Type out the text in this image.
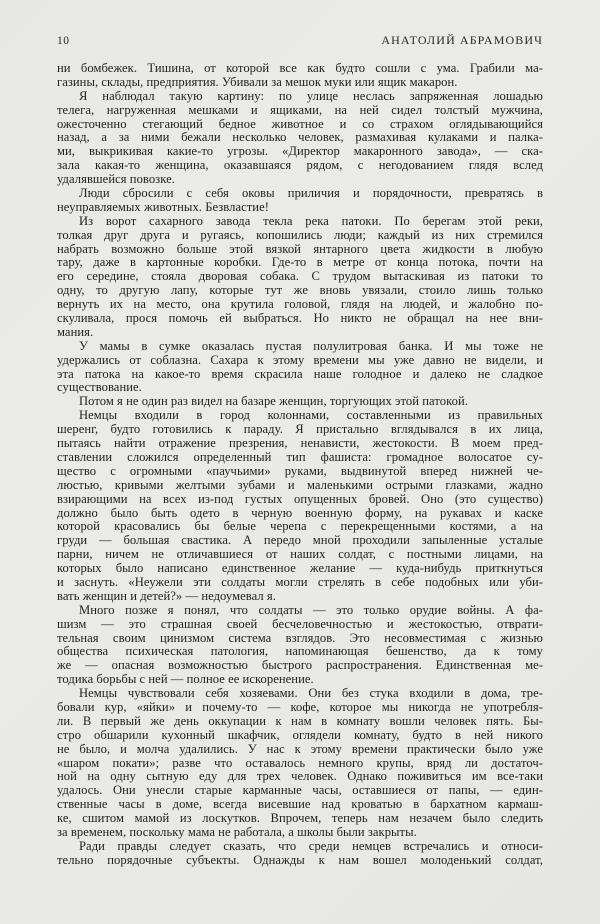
10	АНАТОЛИЙ АБРАМОВИЧ
ни бомбежек. Тишина, от которой все как будто сошли с ума. Грабили ма-
газины, склады, предприятия. Убивали за мешок муки или ящик макарон.
Я наблюдал такую картину: по улице неслась запряженная лошадью
телега, нагруженная мешками и ящиками, на ней сидел толстый мужчина,
ожесточенно стегающий бедное животное и со страхом оглядывающийся
назад, а за ними бежали несколько человек, размахивая кулаками и палка-
ми, выкрикивая какие-то угрозы. «Директор макаронного завода», — ска-
зала какая-то женщина, оказавшаяся рядом, с негодованием глядя вслед
удалявшейся повозке.
Люди сбросили с себя оковы приличия и порядочности, превратясь в
неуправляемых животных. Безвластие!
Из ворот сахарного завода текла река патоки. По берегам этой реки,
толкая друг друга и ругаясь, копошились люди; каждый из них стремился
набрать возможно больше этой вязкой янтарного цвета жидкости в любую
тару, даже в картонные коробки. Где-то в метре от конца потока, почти на
его середине, стояла дворовая собака. С трудом вытаскивая из патоки то
одну, то другую лапу, которые тут же вновь увязали, стоило лишь только
вернуть их на место, она крутила головой, глядя на людей, и жалобно по-
скуливала, прося помочь ей выбраться. Но никто не обращал на нее вни-
мания.
У мамы в сумке оказалась пустая полулитровая банка. И мы тоже не
удержались от соблазна. Сахара к этому времени мы уже давно не видели, и
эта патока на какое-то время скрасила наше голодное и далеко не сладкое
существование.
Потом я не один раз видел на базаре женщин, торгующих этой патокой.
Немцы входили в город колоннами, составленными из правильных
шеренг, будто готовились к параду. Я пристально вглядывался в их лица,
пытаясь найти отражение презрения, ненависти, жестокости. В моем пред-
ставлении сложился определенный тип фашиста: громадное волосатое су-
щество с огромными «паучьими» руками, выдвинутой вперед нижней че-
люстью, кривыми желтыми зубами и маленькими острыми глазками, жадно
взирающими на всех из-под густых опущенных бровей. Оно (это существо)
должно было быть одето в черную военную форму, на рукавах и каске
которой красовались бы белые черепа с перекрещенными костями, а на
груди — большая свастика. А передо мной проходили запыленные усталые
парни, ничем не отличавшиеся от наших солдат, с постными лицами, на
которых было написано единственное желание — куда-нибудь приткнуться
и заснуть. «Неужели эти солдаты могли стрелять в себе подобных или уби-
вать женщин и детей?» — недоумевал я.
Много позже я понял, что солдаты — это только орудие войны. А фа-
шизм — это страшная своей бесчеловечностью и жестокостью, отврати-
тельная своим цинизмом система взглядов. Это несовместимая с жизнью
общества психическая патология, напоминающая бешенство, да к тому
же — опасная возможностью быстрого распространения. Единственная ме-
тодика борьбы с ней — полное ее искоренение.
Немцы чувствовали себя хозяевами. Они без стука входили в дома, тре-
бовали кур, «яйки» и почему-то — кофе, которое мы никогда не употребля-
ли. В первый же день оккупации к нам в комнату вошли человек пять. Бы-
стро обшарили кухонный шкафчик, оглядели комнату, будто в ней никого
не было, и молча удалились. У нас к этому времени практически было уже
«шаром покати»; разве что оставалось немного крупы, вряд ли достаточ-
ной на одну сытную еду для трех человек. Однако поживиться им все-таки
удалось. Они унесли старые карманные часы, оставшиеся от папы, — един-
ственные часы в доме, всегда висевшие над кроватью в бархатном кармаш-
ке, сшитом мамой из лоскутков. Впрочем, теперь нам незачем было следить
за временем, поскольку мама не работала, а школы были закрыты.
Ради правды следует сказать, что среди немцев встречались и относи-
тельно порядочные субъекты. Однажды к нам вошел молоденький солдат,
